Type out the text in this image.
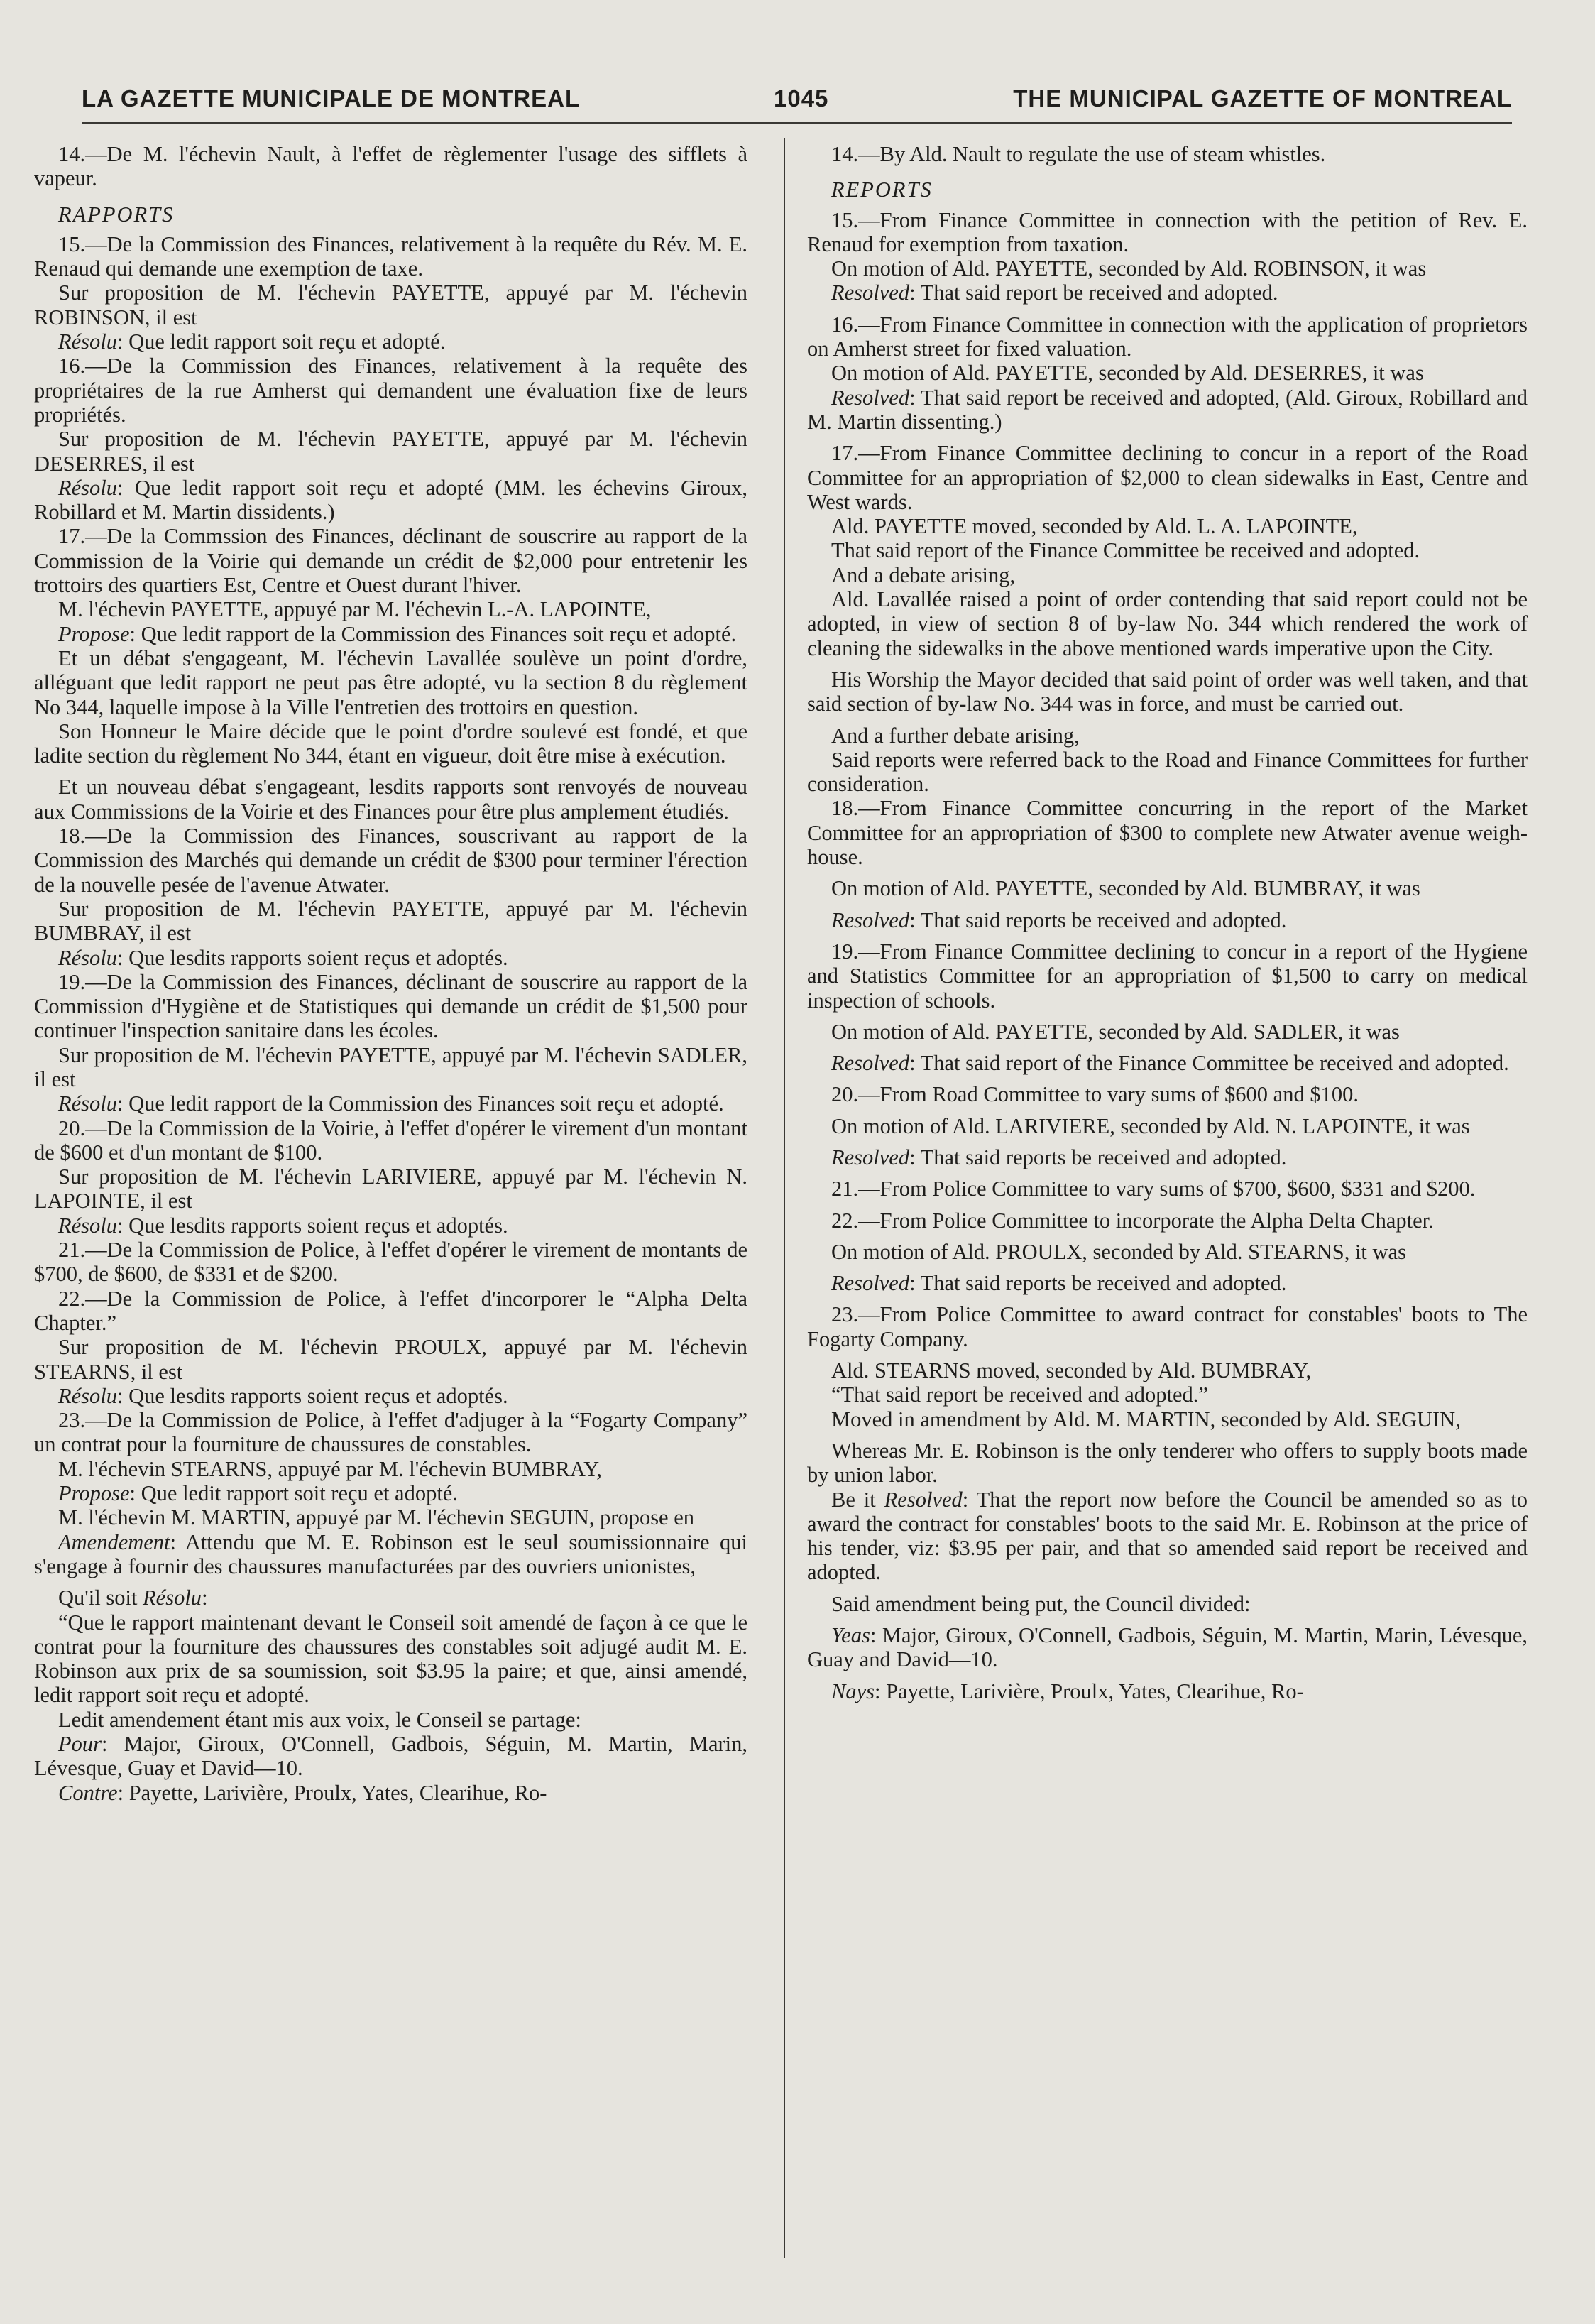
LA GAZETTE MUNICIPALE DE MONTREAL	1045	THE MUNICIPAL GAZETTE OF MONTREAL

14.—De M. l'échevin Nault, à l'effet de règlementer l'usage des sifflets à vapeur.

RAPPORTS

15.—De la Commission des Finances, relativement à la requête du Rév. M. E. Renaud qui demande une exemption de taxe.

Sur proposition de M. l'échevin PAYETTE, appuyé par M. l'échevin ROBINSON, il est

Résolu: Que ledit rapport soit reçu et adopté.

16.—De la Commission des Finances, relativement à la requête des propriétaires de la rue Amherst qui demandent une évaluation fixe de leurs propriétés.

Sur proposition de M. l'échevin PAYETTE, appuyé par M. l'échevin DESERRES, il est

Résolu: Que ledit rapport soit reçu et adopté (MM. les échevins Giroux, Robillard et M. Martin dissidents.)

17.—De la Commssion des Finances, déclinant de souscrire au rapport de la Commission de la Voirie qui demande un crédit de $2,000 pour entretenir les trottoirs des quartiers Est, Centre et Ouest durant l'hiver.

M. l'échevin PAYETTE, appuyé par M. l'échevin L.-A. LAPOINTE,

Propose: Que ledit rapport de la Commission des Finances soit reçu et adopté.

Et un débat s'engageant, M. l'échevin Lavallée soulève un point d'ordre, alléguant que ledit rapport ne peut pas être adopté, vu la section 8 du règlement No 344, laquelle impose à la Ville l'entretien des trottoirs en question.

Son Honneur le Maire décide que le point d'ordre soulevé est fondé, et que ladite section du règlement No 344, étant en vigueur, doit être mise à exécution.

Et un nouveau débat s'engageant, lesdits rapports sont renvoyés de nouveau aux Commissions de la Voirie et des Finances pour être plus amplement étudiés.

18.—De la Commission des Finances, souscrivant au rapport de la Commission des Marchés qui demande un crédit de $300 pour terminer l'érection de la nouvelle pesée de l'avenue Atwater.

Sur proposition de M. l'échevin PAYETTE, appuyé par M. l'échevin BUMBRAY, il est

Résolu: Que lesdits rapports soient reçus et adoptés.

19.—De la Commission des Finances, déclinant de souscrire au rapport de la Commission d'Hygiène et de Statistiques qui demande un crédit de $1,500 pour continuer l'inspection sanitaire dans les écoles.

Sur proposition de M. l'échevin PAYETTE, appuyé par M. l'échevin SADLER, il est

Résolu: Que ledit rapport de la Commission des Finances soit reçu et adopté.

20.—De la Commission de la Voirie, à l'effet d'opérer le virement d'un montant de $600 et d'un montant de $100.

Sur proposition de M. l'échevin LARIVIERE, appuyé par M. l'échevin N. LAPOINTE, il est

Résolu: Que lesdits rapports soient reçus et adoptés.

21.—De la Commission de Police, à l'effet d'opérer le virement de montants de $700, de $600, de $331 et de $200.

22.—De la Commission de Police, à l'effet d'incorporer le “Alpha Delta Chapter.”

Sur proposition de M. l'échevin PROULX, appuyé par M. l'échevin STEARNS, il est

Résolu: Que lesdits rapports soient reçus et adoptés.

23.—De la Commission de Police, à l'effet d'adjuger à la “Fogarty Company” un contrat pour la fourniture de chaussures de constables.

M. l'échevin STEARNS, appuyé par M. l'échevin BUMBRAY,

Propose: Que ledit rapport soit reçu et adopté.

M. l'échevin M. MARTIN, appuyé par M. l'échevin SEGUIN, propose en

Amendement: Attendu que M. E. Robinson est le seul soumissionnaire qui s'engage à fournir des chaussures manufacturées par des ouvriers unionistes,

Qu'il soit Résolu:

“Que le rapport maintenant devant le Conseil soit amendé de façon à ce que le contrat pour la fourniture des chaussures des constables soit adjugé audit M. E. Robinson aux prix de sa soumission, soit $3.95 la paire; et que, ainsi amendé, ledit rapport soit reçu et adopté.

Ledit amendement étant mis aux voix, le Conseil se partage:

Pour: Major, Giroux, O'Connell, Gadbois, Séguin, M. Martin, Marin, Lévesque, Guay et David—10.

Contre: Payette, Larivière, Proulx, Yates, Clearihue, Ro-

14.—By Ald. Nault to regulate the use of steam whistles.

REPORTS

15.—From Finance Committee in connection with the petition of Rev. E. Renaud for exemption from taxation.

On motion of Ald. PAYETTE, seconded by Ald. ROBINSON, it was

Resolved: That said report be received and adopted.

16.—From Finance Committee in connection with the application of proprietors on Amherst street for fixed valuation.

On motion of Ald. PAYETTE, seconded by Ald. DESERRES, it was

Resolved: That said report be received and adopted, (Ald. Giroux, Robillard and M. Martin dissenting.)

17.—From Finance Committee declining to concur in a report of the Road Committee for an appropriation of $2,000 to clean sidewalks in East, Centre and West wards.

Ald. PAYETTE moved, seconded by Ald. L. A. LAPOINTE,

That said report of the Finance Committee be received and adopted.

And a debate arising,

Ald. Lavallée raised a point of order contending that said report could not be adopted, in view of section 8 of by-law No. 344 which rendered the work of cleaning the sidewalks in the above mentioned wards imperative upon the City.

His Worship the Mayor decided that said point of order was well taken, and that said section of by-law No. 344 was in force, and must be carried out.

And a further debate arising,

Said reports were referred back to the Road and Finance Committees for further consideration.

18.—From Finance Committee concurring in the report of the Market Committee for an appropriation of $300 to complete new Atwater avenue weigh-house.

On motion of Ald. PAYETTE, seconded by Ald. BUMBRAY, it was

Resolved: That said reports be received and adopted.

19.—From Finance Committee declining to concur in a report of the Hygiene and Statistics Committee for an appropriation of $1,500 to carry on medical inspection of schools.

On motion of Ald. PAYETTE, seconded by Ald. SADLER, it was

Resolved: That said report of the Finance Committee be received and adopted.

20.—From Road Committee to vary sums of $600 and $100.

On motion of Ald. LARIVIERE, seconded by Ald. N. LAPOINTE, it was

Resolved: That said reports be received and adopted.

21.—From Police Committee to vary sums of $700, $600, $331 and $200.

22.—From Police Committee to incorporate the Alpha Delta Chapter.

On motion of Ald. PROULX, seconded by Ald. STEARNS, it was

Resolved: That said reports be received and adopted.

23.—From Police Committee to award contract for constables' boots to The Fogarty Company.

Ald. STEARNS moved, seconded by Ald. BUMBRAY,

“That said report be received and adopted.”

Moved in amendment by Ald. M. MARTIN, seconded by Ald. SEGUIN,

Whereas Mr. E. Robinson is the only tenderer who offers to supply boots made by union labor.

Be it Resolved: That the report now before the Council be amended so as to award the contract for constables' boots to the said Mr. E. Robinson at the price of his tender, viz: $3.95 per pair, and that so amended said report be received and adopted.

Said amendment being put, the Council divided:

Yeas: Major, Giroux, O'Connell, Gadbois, Séguin, M. Martin, Marin, Lévesque, Guay and David—10.

Nays: Payette, Larivière, Proulx, Yates, Clearihue, Ro-
